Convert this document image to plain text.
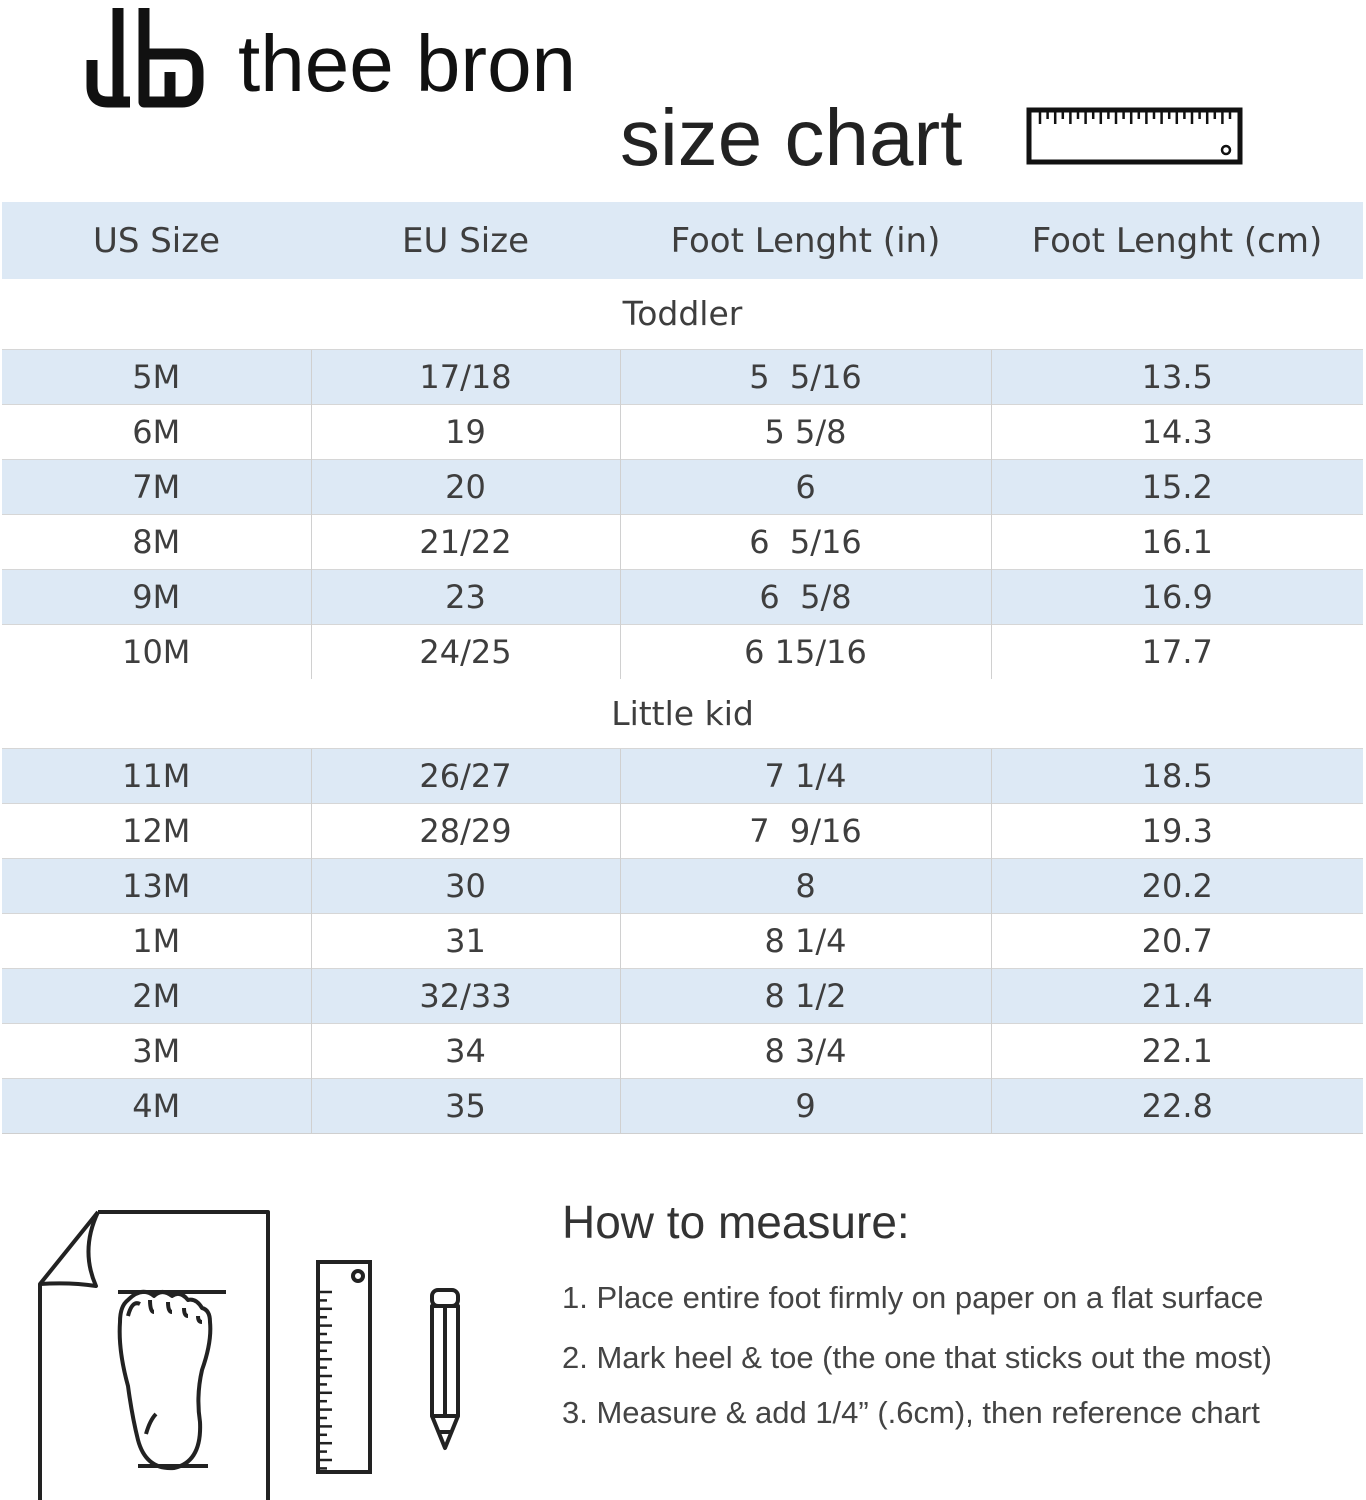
thee bron
size chart
US Size	EU Size	Foot Lenght (in)	Foot Lenght (cm)
Toddler			
5M	17/18	5  5/16	13.5
6M	19	5 5/8	14.3
7M	20	6	15.2
8M	21/22	6  5/16	16.1
9M	23	6  5/8	16.9
10M	24/25	6 15/16	17.7
Little kid			
11M	26/27	7 1/4	18.5
12M	28/29	7  9/16	19.3
13M	30	8	20.2
1M	31	8 1/4	20.7
2M	32/33	8 1/2	21.4
3M	34	8 3/4	22.1
4M	35	9	22.8
How to measure:
1. Place entire foot firmly on paper on a flat surface
2. Mark heel & toe (the one that sticks out the most)
3. Measure & add 1/4” (.6cm), then reference chart
